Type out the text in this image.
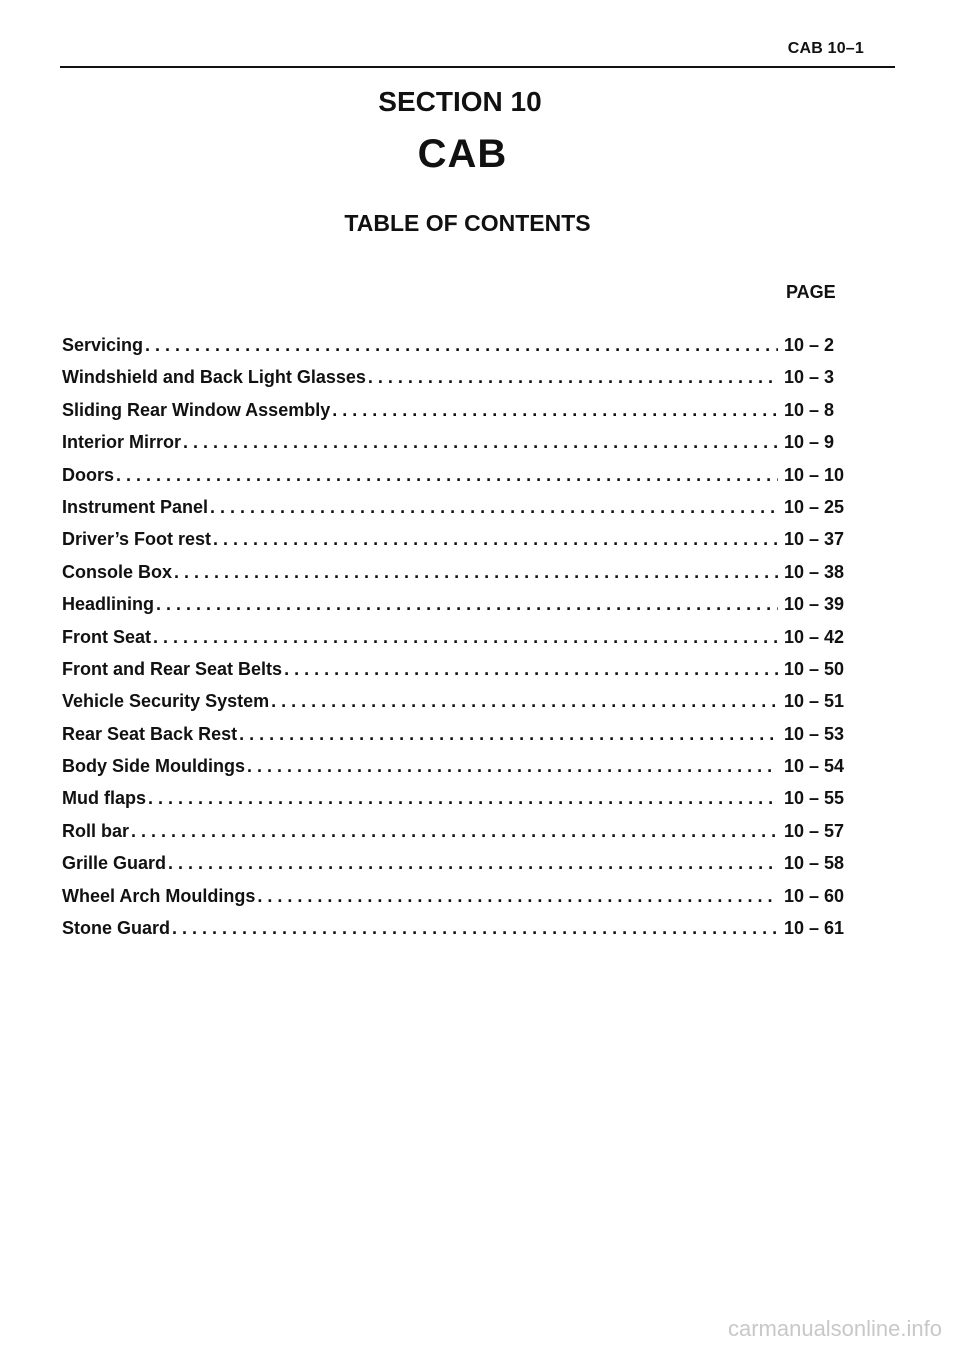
CAB 10–1
SECTION 10
CAB
TABLE OF CONTENTS
PAGE
Servicing . . .	10 – 2
Windshield and Back Light Glasses . . .	10 – 3
Sliding Rear Window Assembly . . .	10 – 8
Interior Mirror . . .	10 – 9
Doors . . .	10 – 10
Instrument Panel . . .	10 – 25
Driver’s Foot rest . . .	10 – 37
Console Box . . .	10 – 38
Headlining . . .	10 – 39
Front Seat . . .	10 – 42
Front and Rear Seat Belts . . .	10 – 50
Vehicle Security System . . .	10 – 51
Rear Seat Back Rest . . .	10 – 53
Body Side Mouldings . . .	10 – 54
Mud flaps . . .	10 – 55
Roll bar . . .	10 – 57
Grille Guard . . .	10 – 58
Wheel Arch Mouldings . . .	10 – 60
Stone Guard . . .	10 – 61
carmanualsonline.info
